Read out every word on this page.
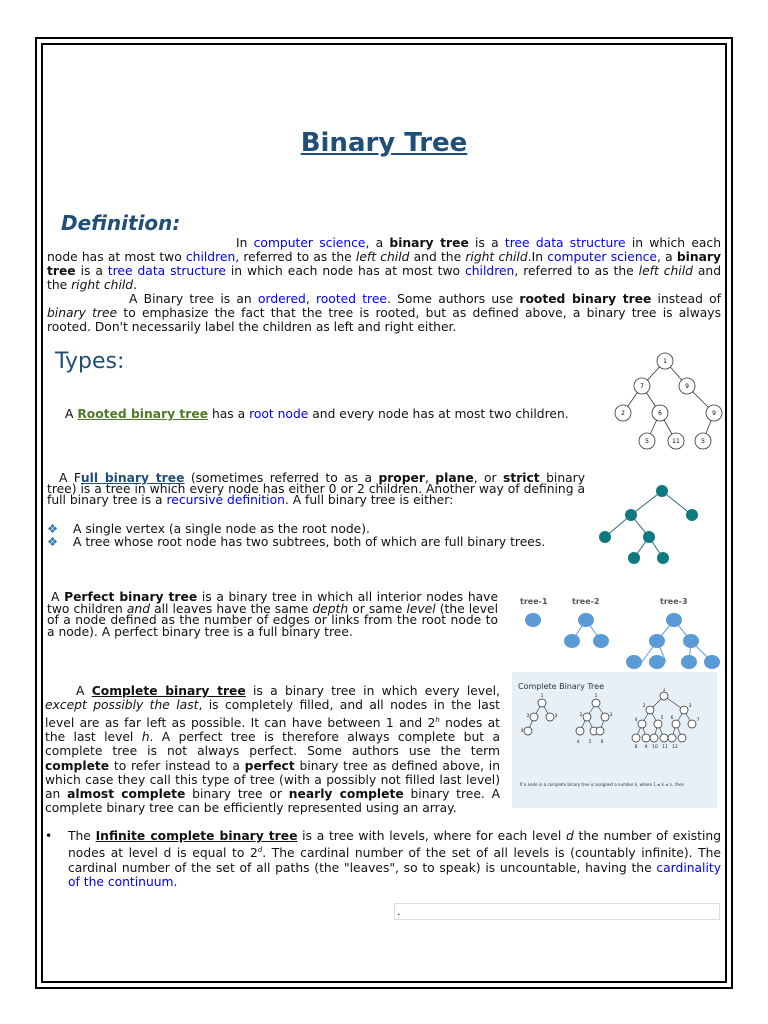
Binary Tree
Definition:
In computer science, a binary tree is a tree data structure in which each node has at most two children, referred to as the left child and the right child.In computer science, a binary tree is a tree data structure in which each node has at most two children, referred to as the left child and the right child.
A Binary tree is an ordered, rooted tree. Some authors use rooted binary tree instead of binary tree to emphasize the fact that the tree is rooted, but as defined above, a binary tree is always rooted. Don't necessarily label the children as left and right either.
Types:
A Rooted binary tree has a root node and every node has at most two children.
1
7	9
2	6	9
5	11	5
A Full binary tree (sometimes referred to as a proper, plane, or strict binary tree) is a tree in which every node has either 0 or 2 children. Another way of defining a full binary tree is a recursive definition. A full binary tree is either:
❖ A single vertex (a single node as the root node).
❖ A tree whose root node has two subtrees, both of which are full binary trees.
A Perfect binary tree is a binary tree in which all interior nodes have two children and all leaves have the same depth or same level (the level of a node defined as the number of edges or links from the root node to a node). A perfect binary tree is a full binary tree.
tree-1	tree-2	tree-3
A Complete binary tree is a binary tree in which every level, except possibly the last, is completely filled, and all nodes in the last level are as far left as possible. It can have between 1 and 2$^h$ nodes at the last level h. A perfect tree is therefore always complete but a complete tree is not always perfect. Some authors use the term complete to refer instead to a perfect binary tree as defined above, in which case they call this type of tree (with a possibly not filled last level) an almost complete binary tree or nearly complete binary tree. A complete binary tree can be efficiently represented using an array.
Complete Binary Tree
1
2	3
4
1
2	3
4 5 6
1
2	3
4	5 6	7
8 9 10 11 12
If a node in a complete binary tree is assigned a number k, where 1 ≤ k ≤ n, then
• The Infinite complete binary tree is a tree with levels, where for each level d the number of existing nodes at level d is equal to 2$^d$. The cardinal number of the set of all levels is (countably infinite). The cardinal number of the set of all paths (the "leaves", so to speak) is uncountable, having the cardinality of the continuum.
.
